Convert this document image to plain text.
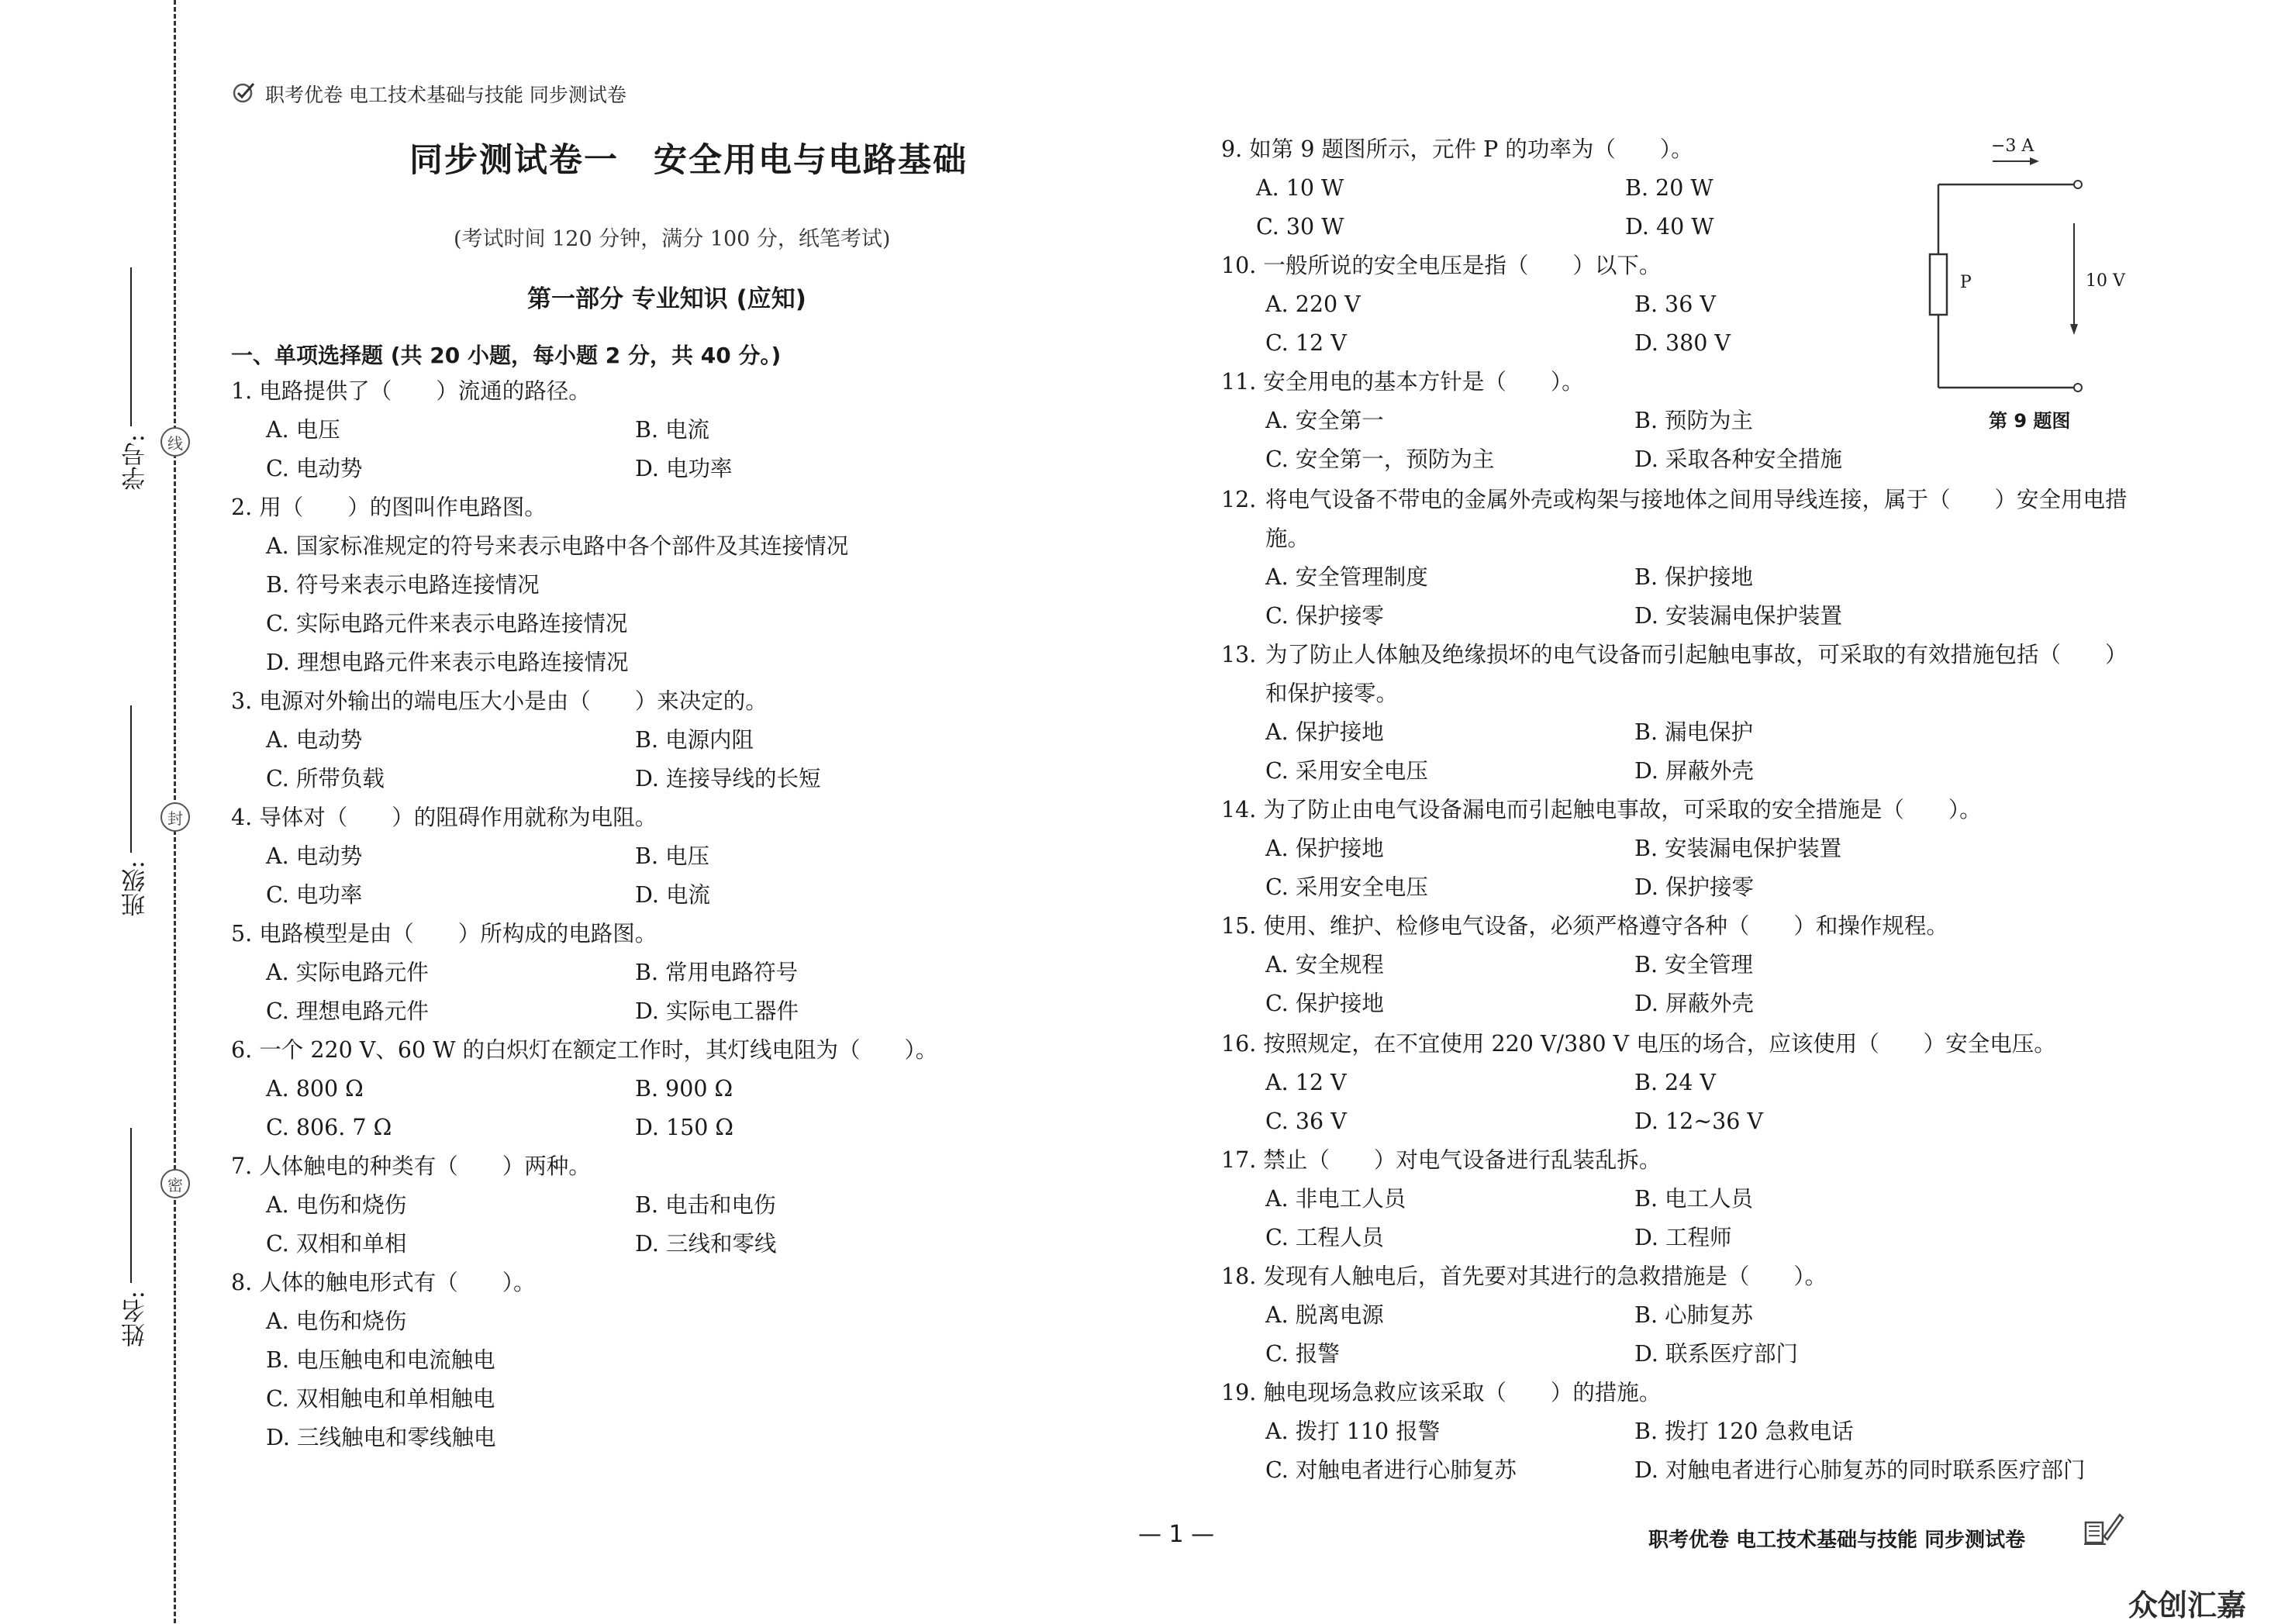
学号:
班级:
姓名:
线
封
密
职考优卷 电工技术基础与技能 同步测试卷
同步测试卷一　安全用电与电路基础
(考试时间 120 分钟，满分 100 分，纸笔考试)
第一部分 专业知识 (应知)
一、单项选择题 (共 20 小题，每小题 2 分，共 40 分。)
1. 电路提供了（　　）流通的路径。
A. 电压	B. 电流
C. 电动势	D. 电功率
2. 用（　　）的图叫作电路图。
A. 国家标准规定的符号来表示电路中各个部件及其连接情况
B. 符号来表示电路连接情况
C. 实际电路元件来表示电路连接情况
D. 理想电路元件来表示电路连接情况
3. 电源对外输出的端电压大小是由（　　）来决定的。
A. 电动势	B. 电源内阻
C. 所带负载	D. 连接导线的长短
4. 导体对（　　）的阻碍作用就称为电阻。
A. 电动势	B. 电压
C. 电功率	D. 电流
5. 电路模型是由（　　）所构成的电路图。
A. 实际电路元件	B. 常用电路符号
C. 理想电路元件	D. 实际电工器件
6. 一个 220 V、60 W 的白炽灯在额定工作时，其灯线电阻为（　　）。
A. 800 Ω	B. 900 Ω
C. 806. 7 Ω	D. 150 Ω
7. 人体触电的种类有（　　）两种。
A. 电伤和烧伤	B. 电击和电伤
C. 双相和单相	D. 三线和零线
8. 人体的触电形式有（　　）。
A. 电伤和烧伤
B. 电压触电和电流触电
C. 双相触电和单相触电
D. 三线触电和零线触电
9. 如第 9 题图所示，元件 P 的功率为（　　）。
A. 10 W	B. 20 W
C. 30 W	D. 40 W
10. 一般所说的安全电压是指（　　）以下。
A. 220 V	B. 36 V
C. 12 V	D. 380 V
11. 安全用电的基本方针是（　　）。
A. 安全第一	B. 预防为主
C. 安全第一，预防为主	D. 采取各种安全措施
12. 将电气设备不带电的金属外壳或构架与接地体之间用导线连接，属于（　　）安全用电措施。
A. 安全管理制度	B. 保护接地
C. 保护接零	D. 安装漏电保护装置
13. 为了防止人体触及绝缘损坏的电气设备而引起触电事故，可采取的有效措施包括（　　）和保护接零。
A. 保护接地	B. 漏电保护
C. 采用安全电压	D. 屏蔽外壳
14. 为了防止由电气设备漏电而引起触电事故，可采取的安全措施是（　　）。
A. 保护接地	B. 安装漏电保护装置
C. 采用安全电压	D. 保护接零
15. 使用、维护、检修电气设备，必须严格遵守各种（　　）和操作规程。
A. 安全规程	B. 安全管理
C. 保护接地	D. 屏蔽外壳
16. 按照规定，在不宜使用 220 V/380 V 电压的场合，应该使用（　　）安全电压。
A. 12 V	B. 24 V
C. 36 V	D. 12~36 V
17. 禁止（　　）对电气设备进行乱装乱拆。
A. 非电工人员	B. 电工人员
C. 工程人员	D. 工程师
18. 发现有人触电后，首先要对其进行的急救措施是（　　）。
A. 脱离电源	B. 心肺复苏
C. 报警	D. 联系医疗部门
19. 触电现场急救应该采取（　　）的措施。
A. 拨打 110 报警	B. 拨打 120 急救电话
C. 对触电者进行心肺复苏	D. 对触电者进行心肺复苏的同时联系医疗部门
−3 A
10 V
P
第 9 题图
— 1 —	职考优卷 电工技术基础与技能 同步测试卷
众创汇嘉
